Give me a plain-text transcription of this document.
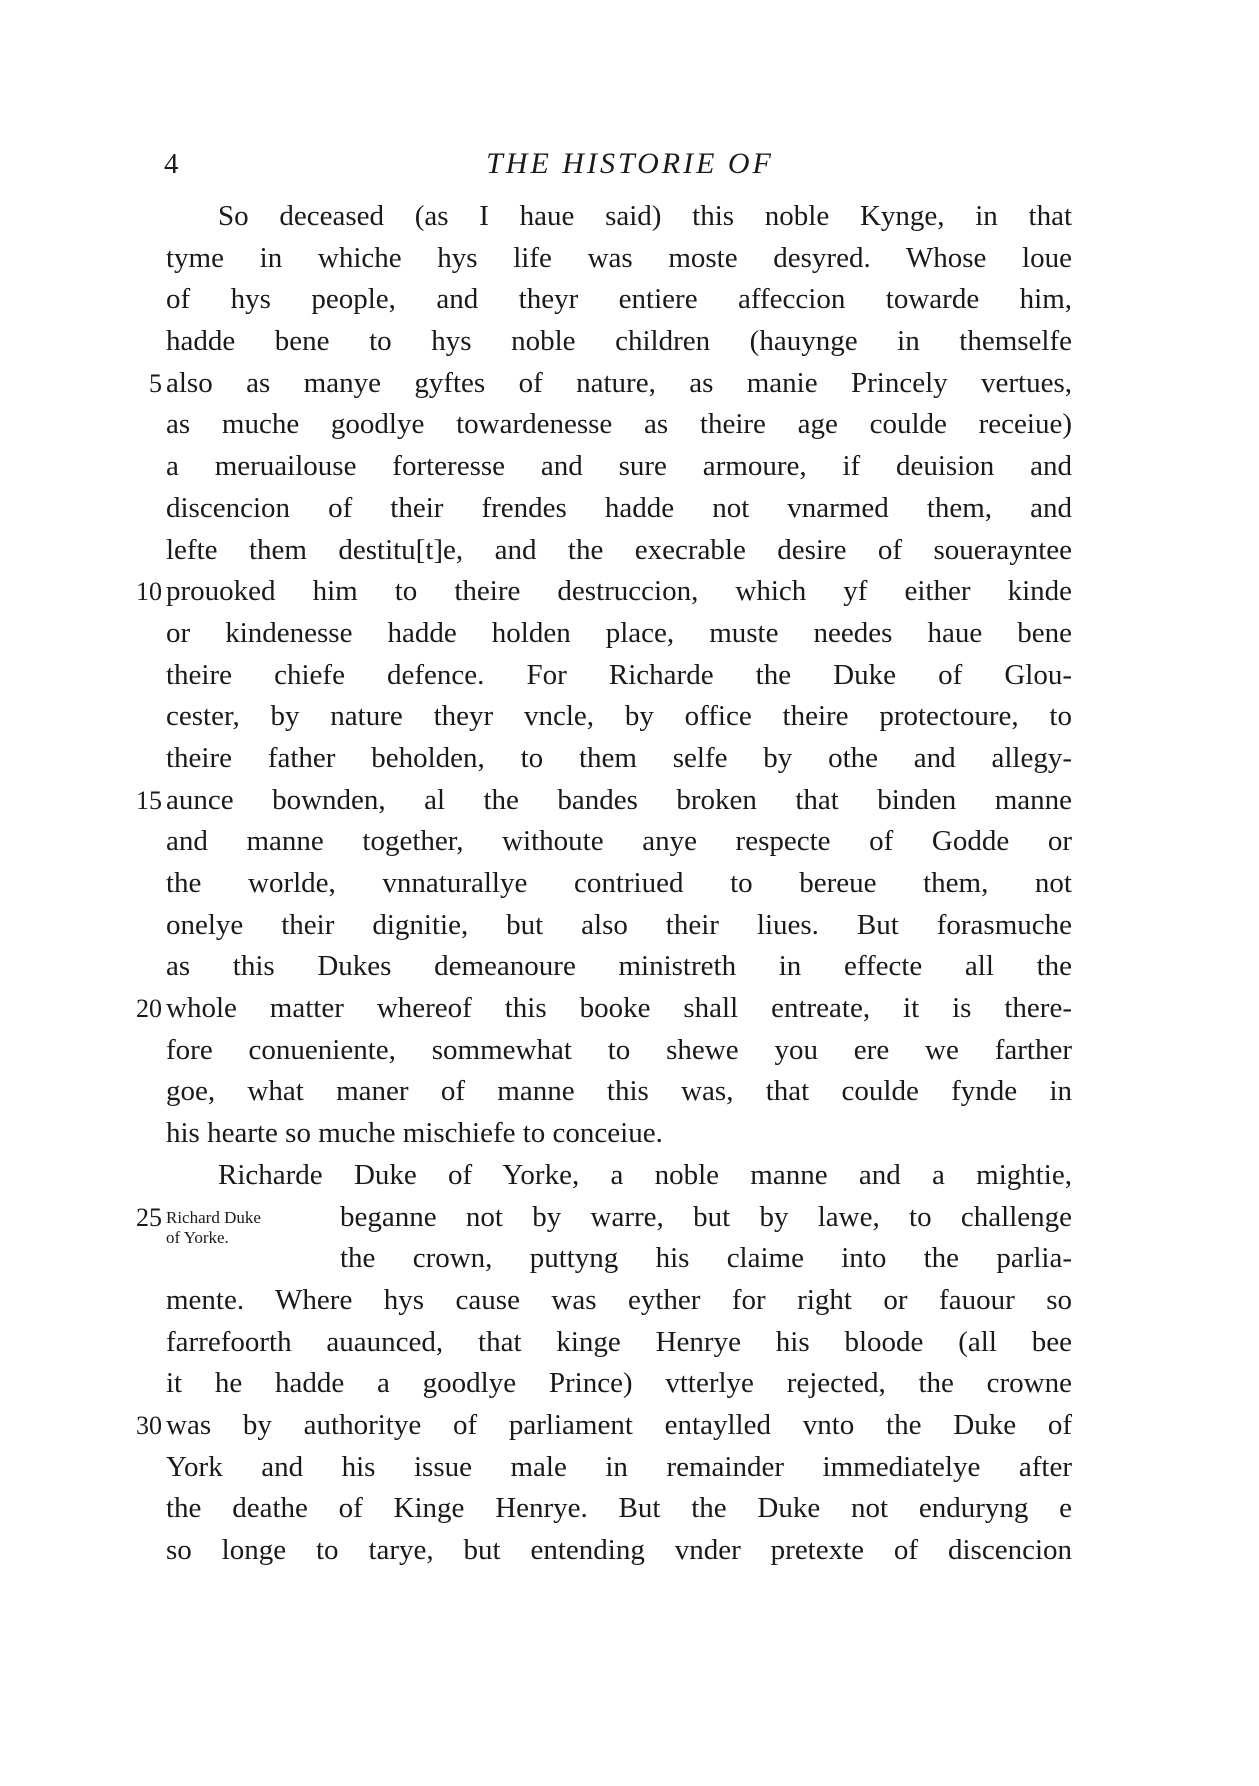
4	THE HISTORIE OF
So deceased (as I haue said) this noble Kynge, in that
tyme in whiche hys life was moste desyred. Whose loue
of hys people, and theyr entiere affeccion towarde him,
hadde bene to hys noble children (hauynge in themselfe
5 also as manye gyftes of nature, as manie Princely vertues,
as muche goodlye towardenesse as theire age coulde receiue)
a meruailouse forteresse and sure armoure, if deuision and
discencion of their frendes hadde not vnarmed them, and
lefte them destitu[t]e, and the execrable desire of souerayntee
10 prouoked him to theire destruccion, which yf either kinde
or kindenesse hadde holden place, muste needes haue bene
theire chiefe defence. For Richarde the Duke of Glou-
cester, by nature theyr vncle, by office theire protectoure, to
theire father beholden, to them selfe by othe and allegy-
15 aunce bownden, al the bandes broken that binden manne
and manne together, withoute anye respecte of Godde or
the worlde, vnnaturallye contriued to bereue them, not
onelye their dignitie, but also their liues. But forasmuche
as this Dukes demeanoure ministreth in effecte all the
20 whole matter whereof this booke shall entreate, it is there-
fore conueniente, sommewhat to shewe you ere we farther
goe, what maner of manne this was, that coulde fynde in
his hearte so muche mischiefe to conceiue.
Richarde Duke of Yorke, a noble manne and a mightie,
25 Richard Duke
of Yorke.
beganne not by warre, but by lawe, to challenge
the crown, puttyng his claime into the parlia-
mente. Where hys cause was eyther for right or fauour so
farrefoorth auaunced, that kinge Henrye his bloode (all bee
it he hadde a goodlye Prince) vtterlye rejected, the crowne
30 was by authoritye of parliament entaylled vnto the Duke of
York and his issue male in remainder immediatelye after
the deathe of Kinge Henrye. But the Duke not enduryng e
so longe to tarye, but entending vnder pretexte of discencion
